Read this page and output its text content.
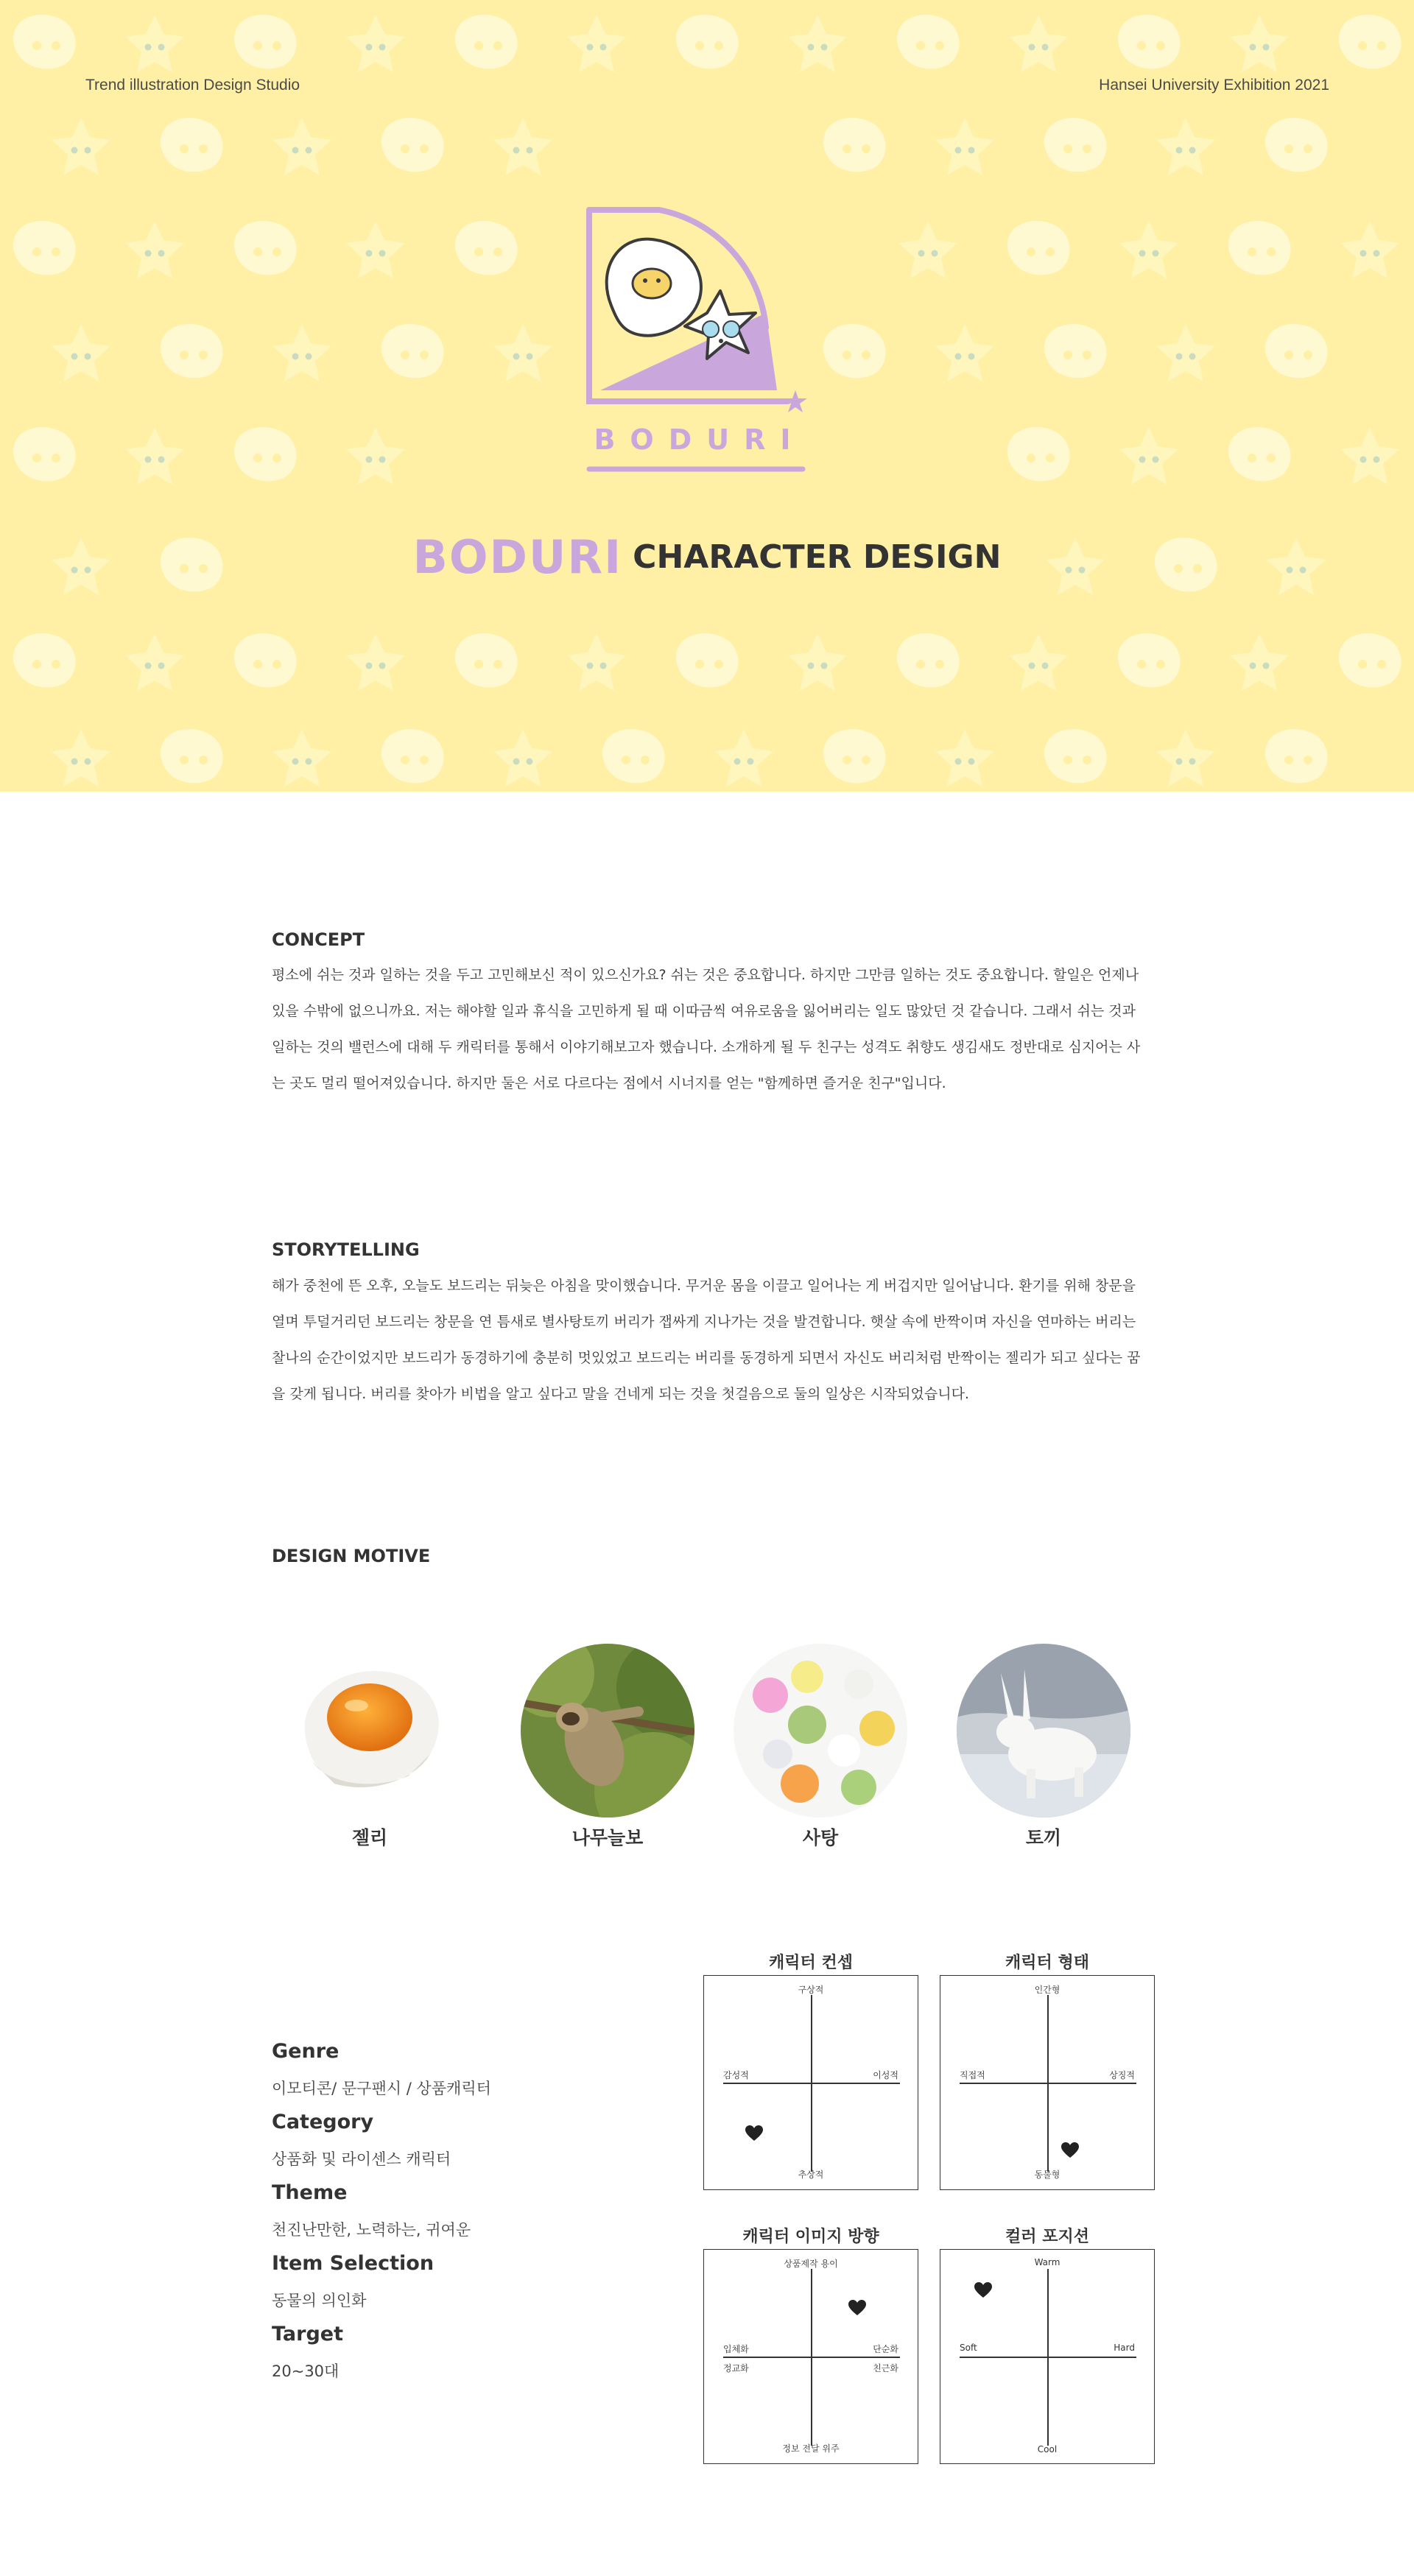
Trend illustration Design Studio	Hansei University Exhibition 2021
BODURI
BODURI CHARACTER DESIGN
CONCEPT
평소에 쉬는 것과 일하는 것을 두고 고민해보신 적이 있으신가요? 쉬는 것은 중요합니다. 하지만 그만큼 일하는 것도 중요합니다. 할일은 언제나 있을 수밖에 없으니까요. 저는 해야할 일과 휴식을 고민하게 될 때 이따금씩 여유로움을 잃어버리는 일도 많았던 것 같습니다. 그래서 쉬는 것과 일하는 것의 밸런스에 대해 두 캐릭터를 통해서 이야기해보고자 했습니다. 소개하게 될 두 친구는 성격도 취향도 생김새도 정반대로 심지어는 사는 곳도 멀리 떨어져있습니다. 하지만 둘은 서로 다르다는 점에서 시너지를 얻는 "함께하면 즐거운 친구"입니다.
STORYTELLING
해가 중천에 뜬 오후, 오늘도 보드리는 뒤늦은 아침을 맞이했습니다. 무거운 몸을 이끌고 일어나는 게 버겁지만 일어납니다. 환기를 위해 창문을 열며 투덜거리던 보드리는 창문을 연 틈새로 별사탕토끼 버리가 잽싸게 지나가는 것을 발견합니다. 햇살 속에 반짝이며 자신을 연마하는 버리는 찰나의 순간이었지만 보드리가 동경하기에 충분히 멋있었고 보드리는 버리를 동경하게 되면서 자신도 버리처럼 반짝이는 젤리가 되고 싶다는 꿈을 갖게 됩니다. 버리를 찾아가 비법을 알고 싶다고 말을 건네게 되는 것을 첫걸음으로 둘의 일상은 시작되었습니다.
DESIGN MOTIVE
젤리	나무늘보	사탕	토끼
Genre
이모티콘/ 문구팬시 / 상품캐릭터
Category
상품화 및 라이센스 캐릭터
Theme
천진난만한, 노력하는, 귀여운
Item Selection
동물의 의인화
Target
20~30대
캐릭터 컨셉
구상적
추상적
감성적	이성적
캐릭터 형태
인간형
동물형
직접적	상징적
캐릭터 이미지 방향
상품제작 용이
정보 전달 위주
입체화
정교화
단순화
친근화
컬러 포지션
Warm
Cool
Soft	Hard
